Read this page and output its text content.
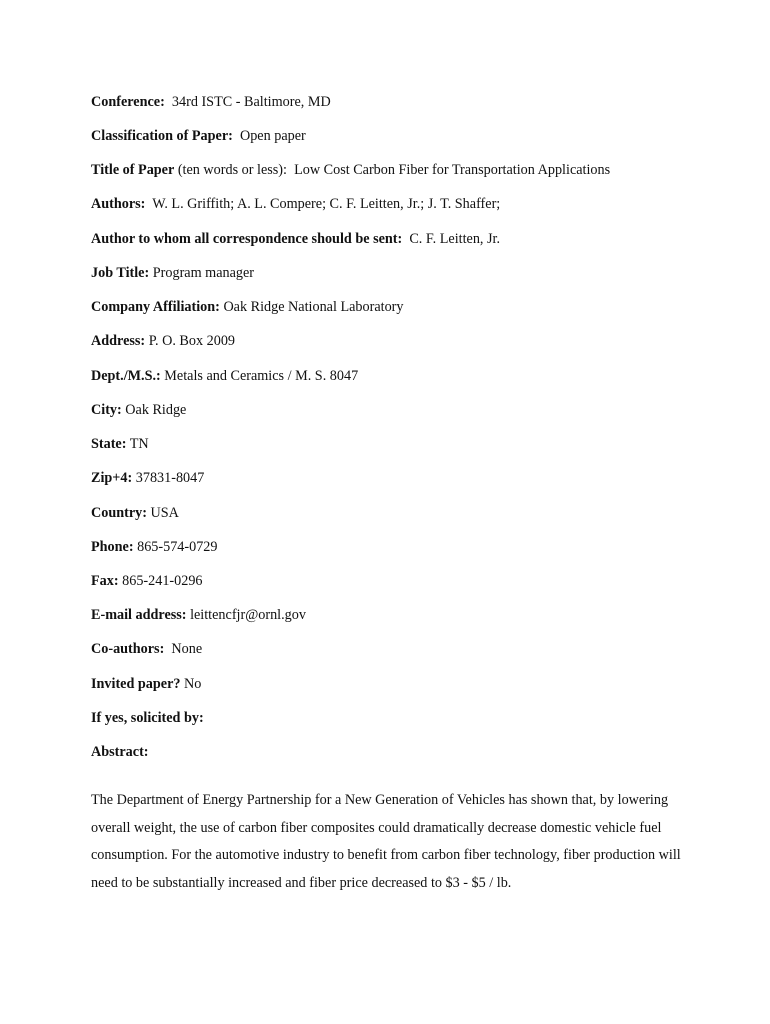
Conference: 34rd ISTC - Baltimore, MD
Classification of Paper: Open paper
Title of Paper (ten words or less): Low Cost Carbon Fiber for Transportation Applications
Authors: W. L. Griffith; A. L. Compere; C. F. Leitten, Jr.; J. T. Shaffer;
Author to whom all correspondence should be sent: C. F. Leitten, Jr.
Job Title: Program manager
Company Affiliation: Oak Ridge National Laboratory
Address: P. O. Box 2009
Dept./M.S.: Metals and Ceramics / M. S. 8047
City: Oak Ridge
State: TN
Zip+4: 37831-8047
Country: USA
Phone: 865-574-0729
Fax: 865-241-0296
E-mail address: leittencfjr@ornl.gov
Co-authors: None
Invited paper? No
If yes, solicited by:
Abstract:

The Department of Energy Partnership for a New Generation of Vehicles has shown that, by lowering overall weight, the use of carbon fiber composites could dramatically decrease domestic vehicle fuel consumption. For the automotive industry to benefit from carbon fiber technology, fiber production will need to be substantially increased and fiber price decreased to $3 - $5 / lb.
